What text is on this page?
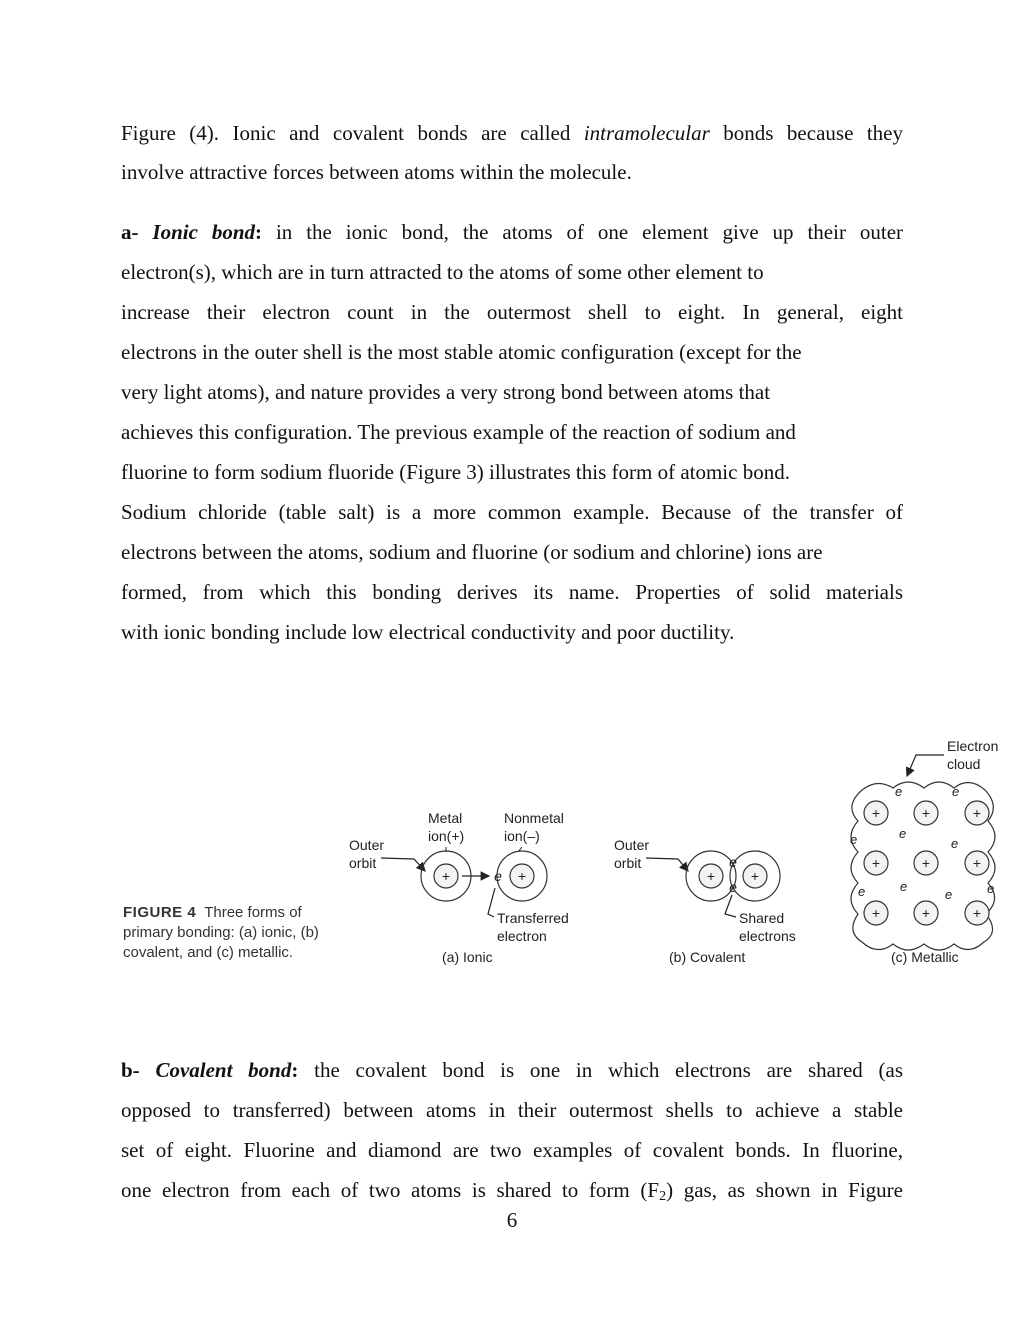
Figure (4). Ionic and covalent bonds are called intramolecular bonds because they
involve attractive forces between atoms within the molecule.

a- Ionic bond: in the ionic bond, the atoms of one element give up their outer
electron(s), which are in turn attracted to the atoms of some other element to
increase their electron count in the outermost shell to eight. In general, eight
electrons in the outer shell is the most stable atomic configuration (except for the
very light atoms), and nature provides a very strong bond between atoms that
achieves this configuration. The previous example of the reaction of sodium and
fluorine to form sodium fluoride (Figure 3) illustrates this form of atomic bond.
Sodium chloride (table salt) is a more common example. Because of the transfer of
electrons between the atoms, sodium and fluorine (or sodium and chlorine) ions are
formed, from which this bonding derives its name. Properties of solid materials
with ionic bonding include low electrical conductivity and poor ductility.

Outer
orbit
Metal
ion(+)
Nonmetal
ion(–)
+	+
e
Transferred
electron
(a) Ionic
Outer
orbit
+	+
e
e
Shared
electrons
(b) Covalent
Electron
cloud
+	+	+
+	+	+
+	+	+
e	e
e	e
e
e	e
e	e
(c) Metallic
FIGURE 4 Three forms of primary bonding: (a) ionic, (b) covalent, and (c) metallic.

b- Covalent bond: the covalent bond is one in which electrons are shared (as
opposed to transferred) between atoms in their outermost shells to achieve a stable
set of eight. Fluorine and diamond are two examples of covalent bonds. In fluorine,
one electron from each of two atoms is shared to form $(F_2)$ gas, as shown in Figure

6
